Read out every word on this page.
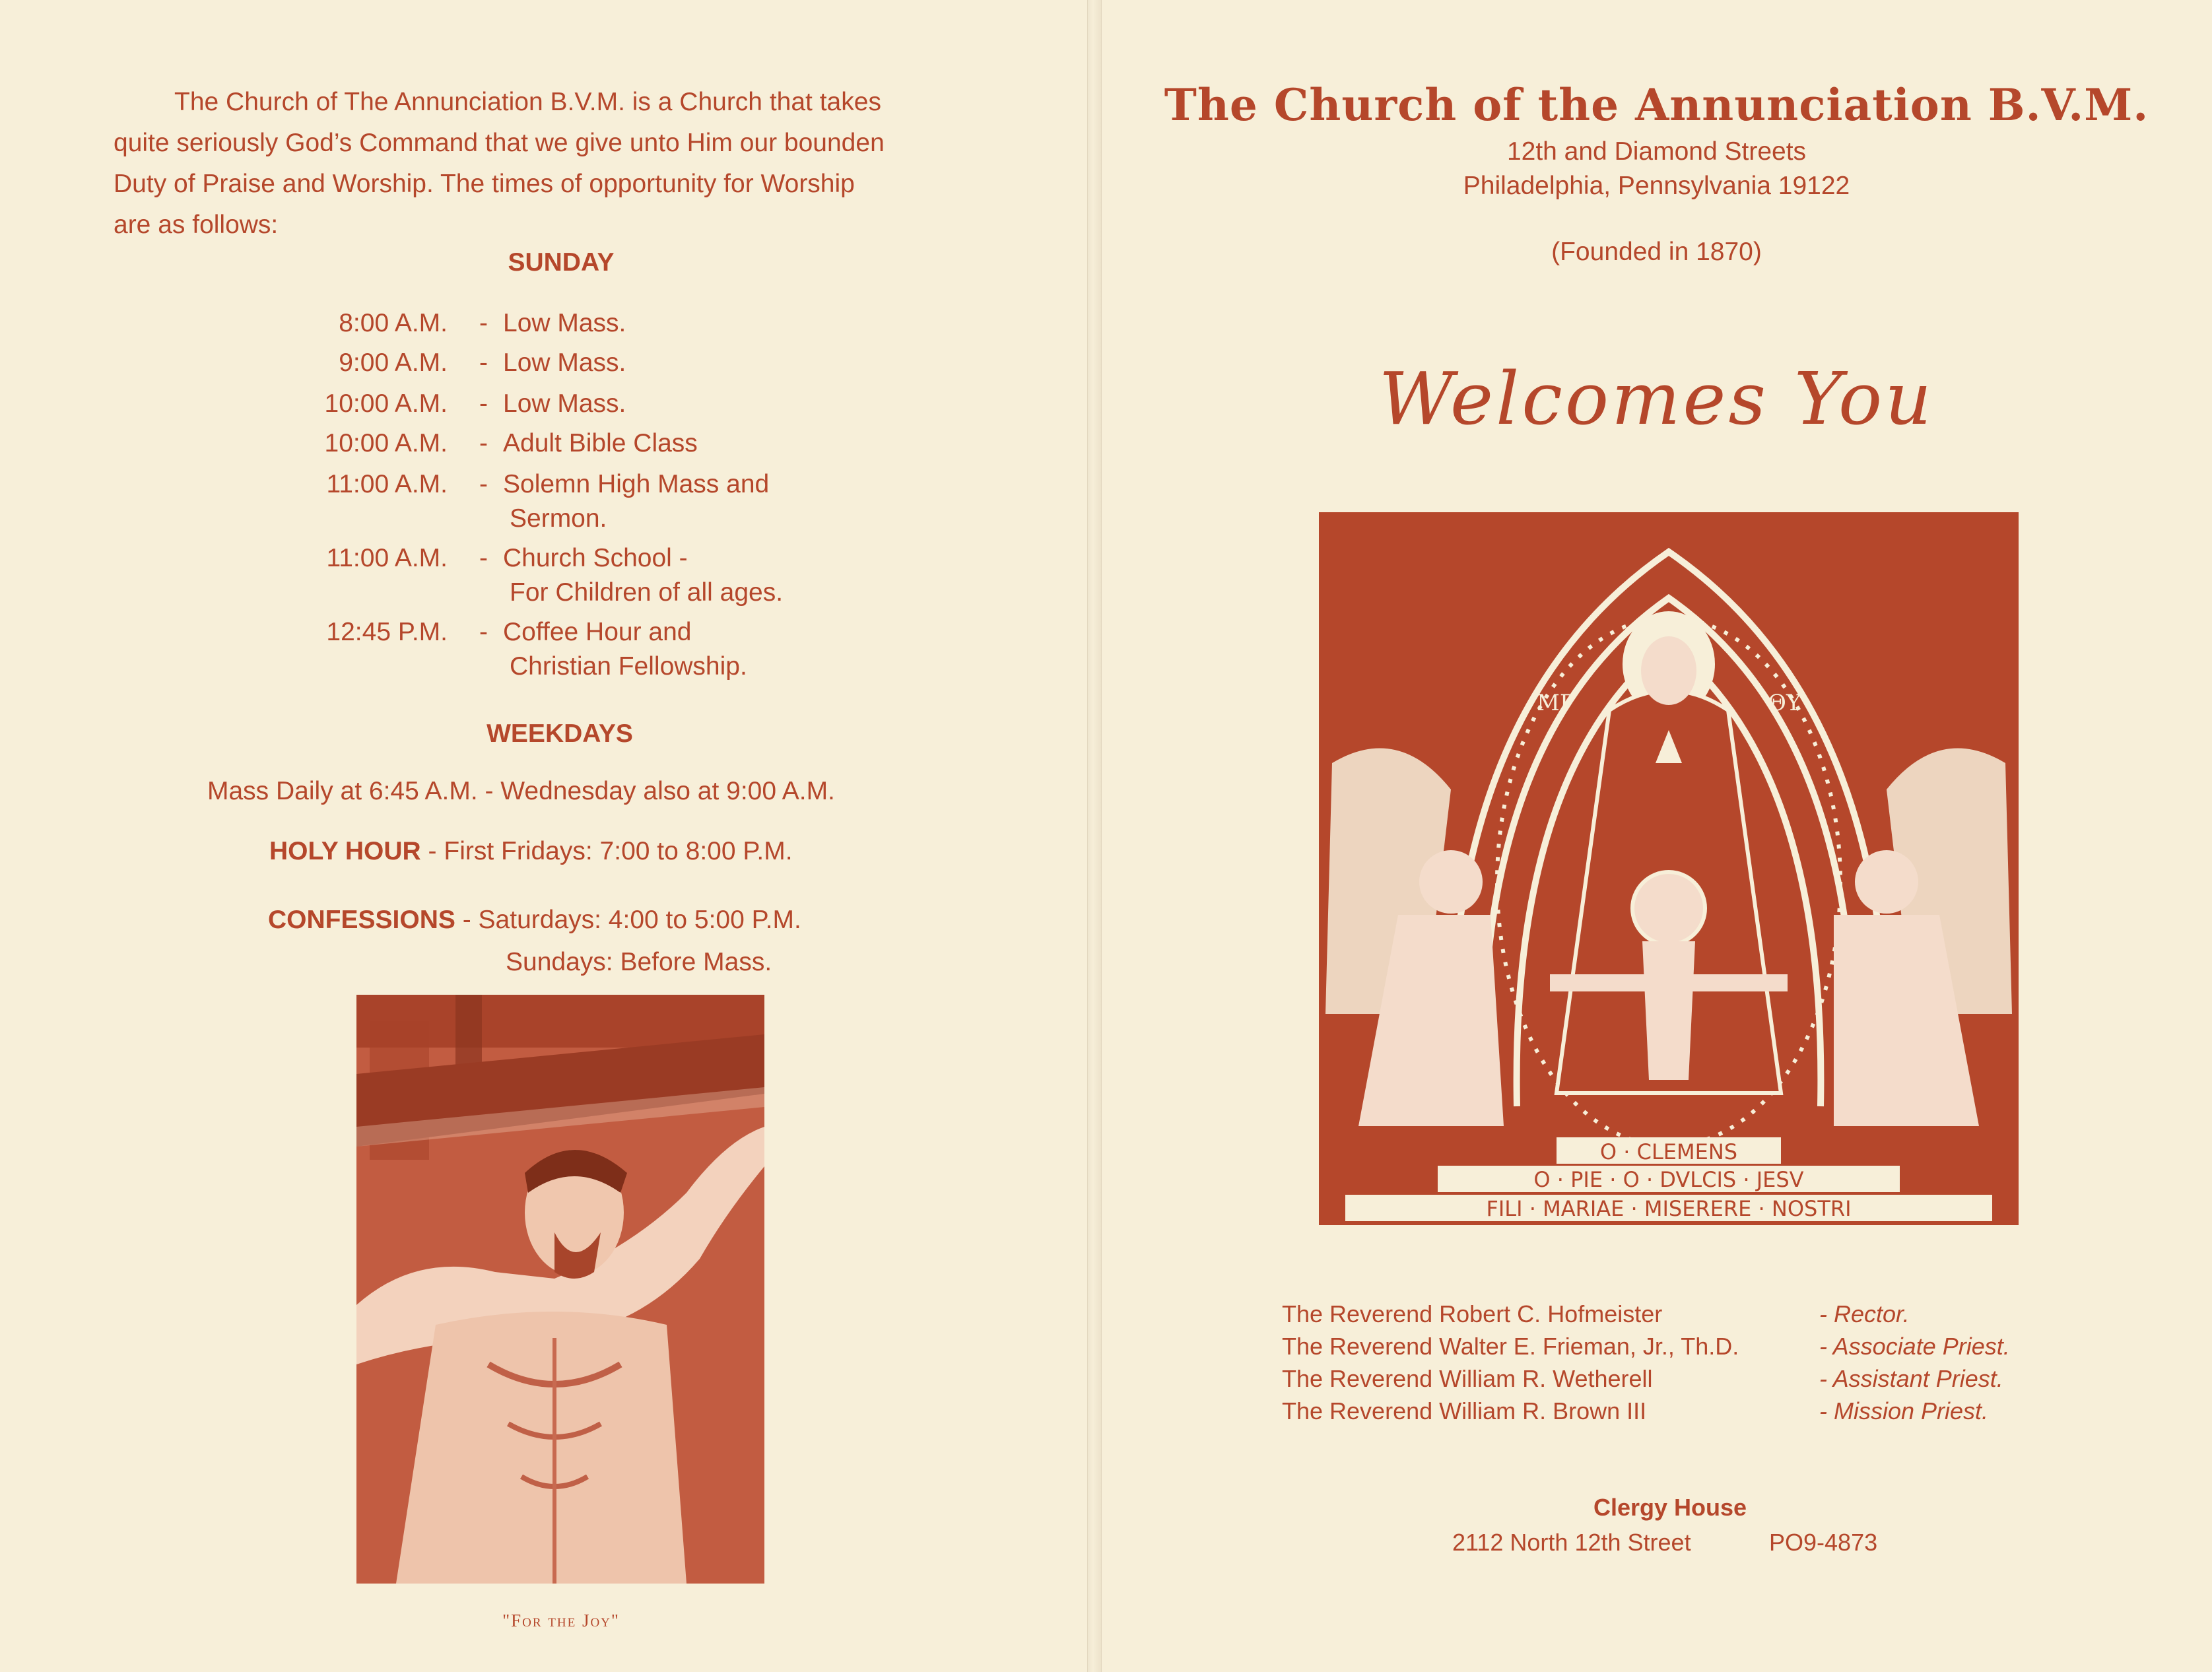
The Church of The Annunciation B.V.M. is a Church that takes
quite seriously God’s Command that we give unto Him our bounden
Duty of Praise and Worship. The times of opportunity for Worship
are as follows:
SUNDAY
8:00 A.M. - Low Mass.
9:00 A.M. - Low Mass.
10:00 A.M. - Low Mass.
10:00 A.M. - Adult Bible Class
11:00 A.M. - Solemn High Mass and
Sermon.
11:00 A.M. - Church School -
For Children of all ages.
12:45 P.M. - Coffee Hour and
Christian Fellowship.
WEEKDAYS
Mass Daily at 6:45 A.M. - Wednesday also at 9:00 A.M.
HOLY HOUR - First Fridays: 7:00 to 8:00 P.M.
CONFESSIONS - Saturdays: 4:00 to 5:00 P.M.
Sundays: Before Mass.
"For the Joy"
The Church of the Annunciation B.V.M.
12th and Diamond Streets
Philadelphia, Pennsylvania 19122
(Founded in 1870)
Welcomes You
MP	ΘY
O · CLEMENS
O · PIE · O · DVLCIS · JESV
FILI · MARIAE · MISERERE · NOSTRI
The Reverend Robert C. Hofmeister	- Rector.
The Reverend Walter E. Frieman, Jr., Th.D.	- Associate Priest.
The Reverend William R. Wetherell	- Assistant Priest.
The Reverend William R. Brown III	- Mission Priest.
Clergy House
2112 North 12th Street	PO9-4873
